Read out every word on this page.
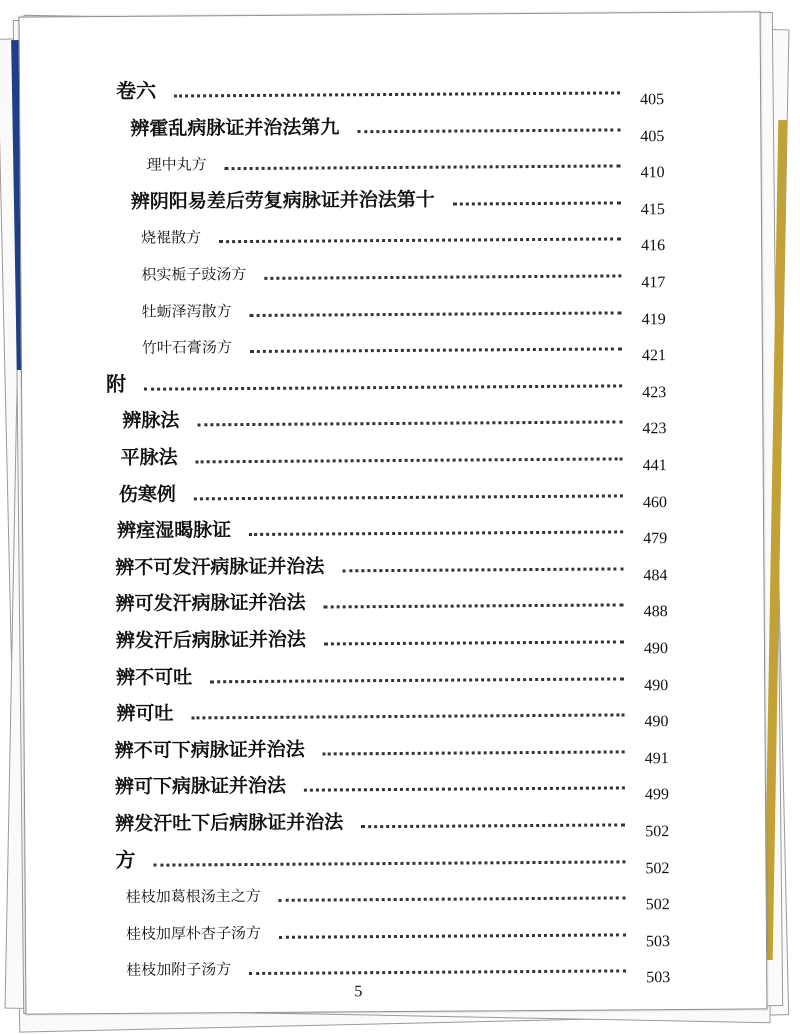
卷六	405
辨霍乱病脉证并治法第九	405
理中丸方	410
辨阴阳易差后劳复病脉证并治法第十	415
烧裩散方	416
枳实栀子豉汤方	417
牡蛎泽泻散方	419
竹叶石膏汤方	421
附	423
辨脉法	423
平脉法	441
伤寒例	460
辨痓湿暍脉证	479
辨不可发汗病脉证并治法	484
辨可发汗病脉证并治法	488
辨发汗后病脉证并治法	490
辨不可吐	490
辨可吐	490
辨不可下病脉证并治法	491
辨可下病脉证并治法	499
辨发汗吐下后病脉证并治法	502
方	502
桂枝加葛根汤主之方	502
桂枝加厚朴杏子汤方	503
桂枝加附子汤方	503
5
